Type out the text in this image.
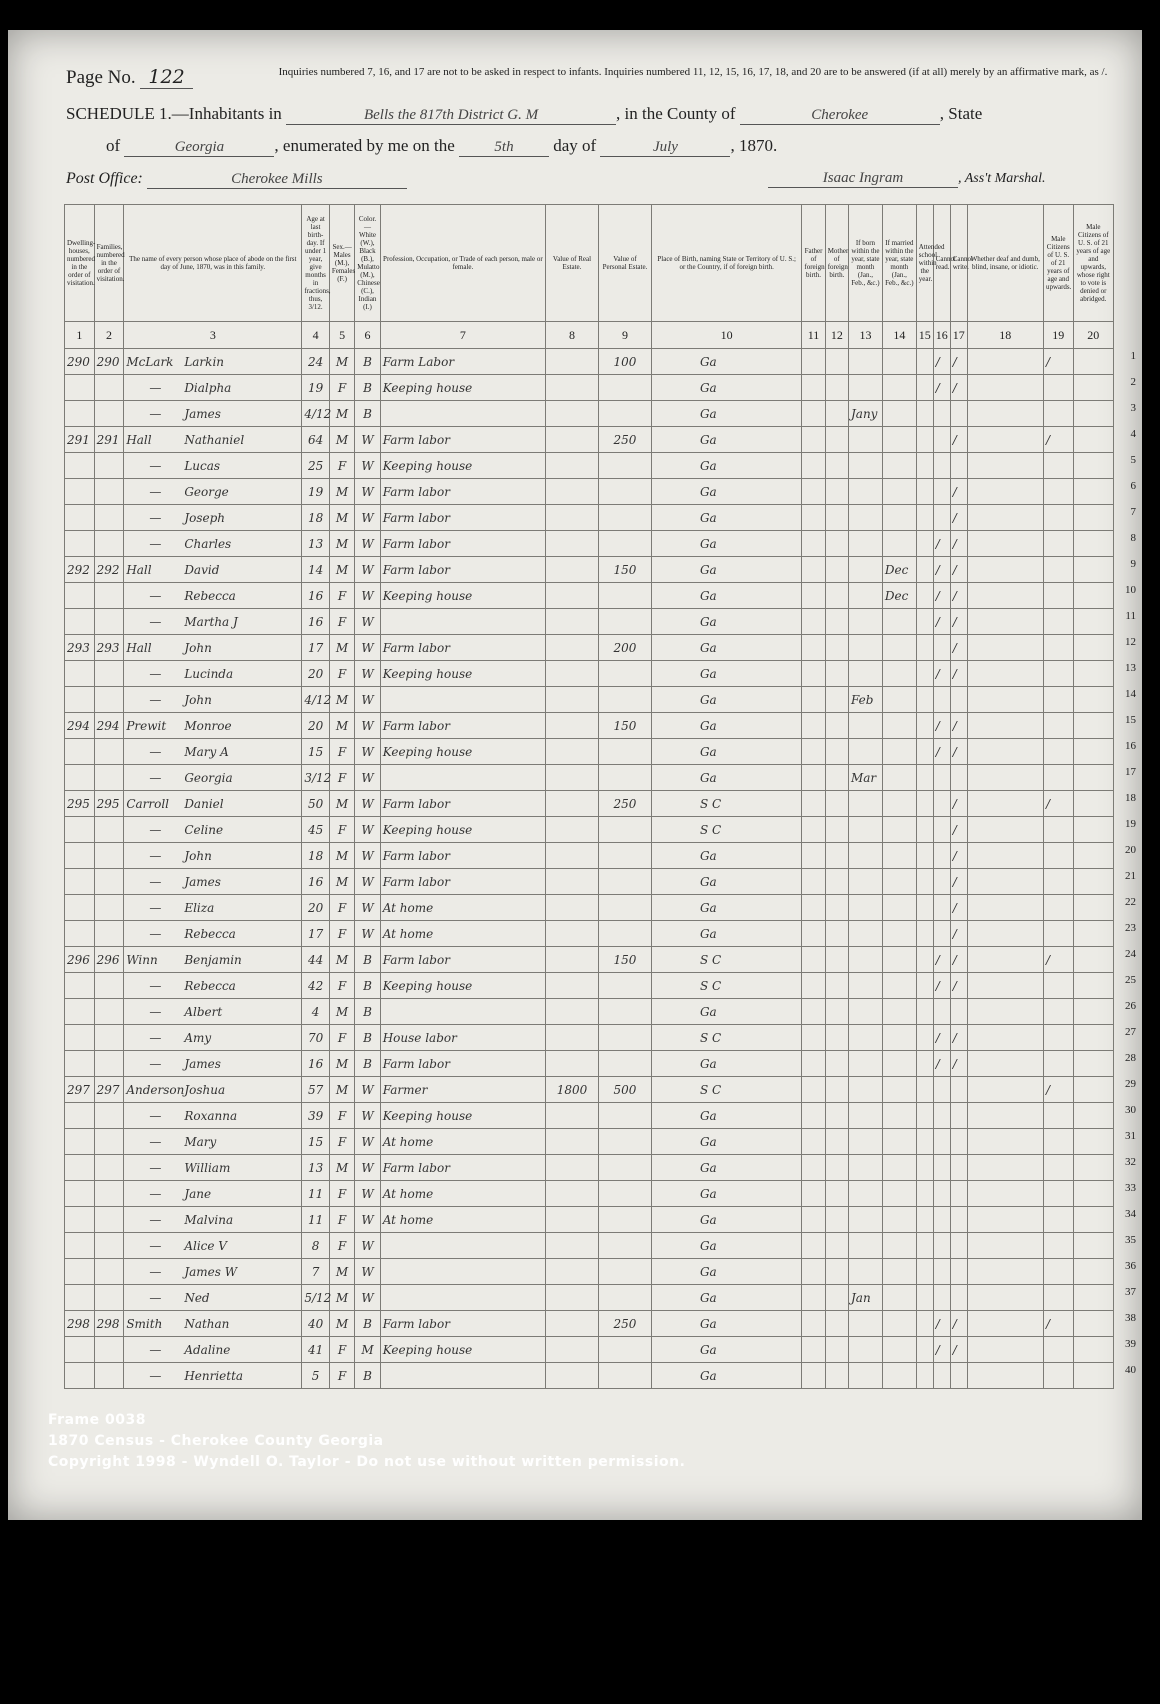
Page No. 122	Inquiries numbered 7, 16, and 17 are not to be asked in respect to infants. Inquiries numbered 11, 12, 15, 16, 17, 18, and 20 are to be answered (if at all) merely by an affirmative mark, as /.
SCHEDULE 1.—Inhabitants in	Bells the 817th District G. M	, in the County of	Cherokee	, State
of	Georgia	, enumerated by me on the	5th day of	July	, 1870.
Post Office:	Cherokee Mills	Isaac Ingram	, Ass't Marshal.
Dwelling-houses, numbered in the order of visitation.	Families, numbered in the order of visitation.	The name of every person whose place of abode on the first day of June, 1870, was in this family.	Age at last birth-day. If under 1 year, give months in fractions, thus, 3/12.	Sex.—Males (M.), Females (F.)	Color.—White (W.), Black (B.), Mulatto (M.), Chinese (C.), Indian (I.)	Profession, Occupation, or Trade of each person, male or female.	Value of Real Estate.	Value of Personal Estate.	Place of Birth, naming State or Territory of U. S.; or the Country, if of foreign birth.	Father of foreign birth.	Mother of foreign birth.	If born within the year, state month (Jan., Feb., &c.)	If married within the year, state month (Jan., Feb., &c.)	Attended school within the year.	Cannot read.	Cannot write.	Whether deaf and dumb, blind, insane, or idiotic.	Male Citizens of U. S. of 21 years of age and upwards.	Male Citizens of U. S. of 21 years of age and upwards, whose right to vote is denied or abridged.
1	2	3	4	5	6	7	8	9	10	11	12	13	14	15	16	17	18	19	20
290	290	McLark Larkin	24	M	B	Farm Labor		100	Ga						/	/		/	
		— Dialpha	19	F	B	Keeping house			Ga						/	/			
		— James	4/12	M	B				Ga			Jany							
291	291	Hall Nathaniel	64	M	W	Farm labor		250	Ga							/		/	
		— Lucas	25	F	W	Keeping house			Ga										
		— George	19	M	W	Farm labor			Ga							/			
		— Joseph	18	M	W	Farm labor			Ga							/			
		— Charles	13	M	W	Farm labor			Ga						/	/			
292	292	Hall David	14	M	W	Farm labor		150	Ga				Dec		/	/			
		— Rebecca	16	F	W	Keeping house			Ga				Dec		/	/			
		— Martha J	16	F	W				Ga						/	/			
293	293	Hall John	17	M	W	Farm labor		200	Ga							/			
		— Lucinda	20	F	W	Keeping house			Ga						/	/			
		— John	4/12	M	W				Ga			Feb							
294	294	Prewit Monroe	20	M	W	Farm labor		150	Ga						/	/			
		— Mary A	15	F	W	Keeping house			Ga						/	/			
		— Georgia	3/12	F	W				Ga			Mar							
295	295	Carroll Daniel	50	M	W	Farm labor		250	S C							/		/	
		— Celine	45	F	W	Keeping house			S C							/			
		— John	18	M	W	Farm labor			Ga							/			
		— James	16	M	W	Farm labor			Ga							/			
		— Eliza	20	F	W	At home			Ga							/			
		— Rebecca	17	F	W	At home			Ga							/			
296	296	Winn Benjamin	44	M	B	Farm labor		150	S C						/	/		/	
		— Rebecca	42	F	B	Keeping house			S C						/	/			
		— Albert	4	M	B				Ga										
		— Amy	70	F	B	House labor			S C						/	/			
		— James	16	M	B	Farm labor			Ga						/	/			
297	297	AndersonJoshua	57	M	W	Farmer	1800	500	S C									/	
		— Roxanna	39	F	W	Keeping house			Ga										
		— Mary	15	F	W	At home			Ga										
		— William	13	M	W	Farm labor			Ga										
		— Jane	11	F	W	At home			Ga										
		— Malvina	11	F	W	At home			Ga										
		— Alice V	8	F	W				Ga										
		— James W	7	M	W				Ga										
		— Ned	5/12	M	W				Ga			Jan							
298	298	Smith Nathan	40	M	B	Farm labor		250	Ga						/	/		/	
		— Adaline	41	F	M	Keeping house			Ga						/	/			
		— Henrietta	5	F	B				Ga										
1
2
3
4
5
6
7
8
9
10
11
12
13
14
15
16
17
18
19
20
21
22
23
24
25
26
27
28
29
30
31
32
33
34
35
36
37
38
39
40
Frame 0038
1870 Census - Cherokee County Georgia
Copyright 1998 - Wyndell O. Taylor - Do not use without written permission.
